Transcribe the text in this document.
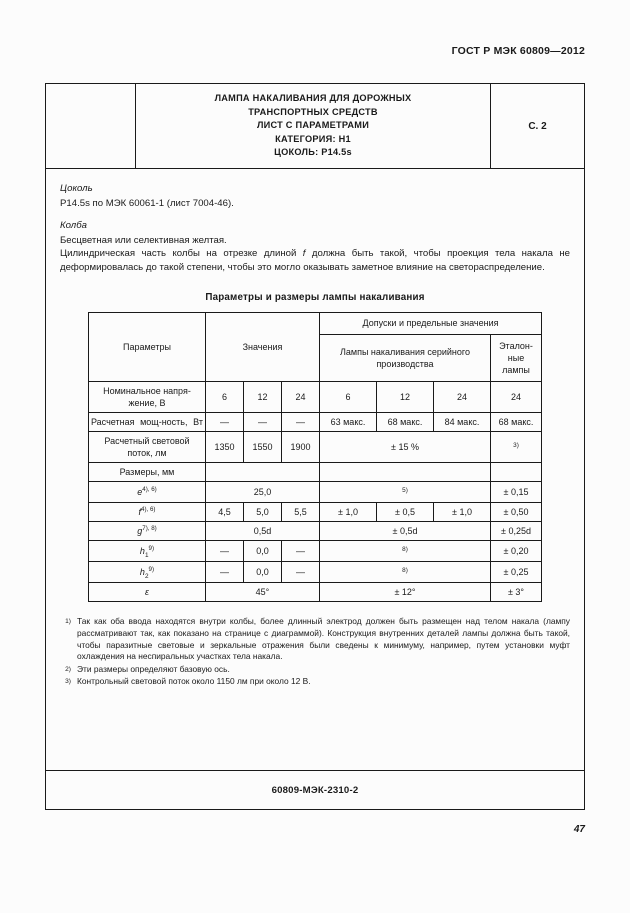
ГОСТ Р МЭК 60809—2012
ЛАМПА НАКАЛИВАНИЯ ДЛЯ ДОРОЖНЫХ
ТРАНСПОРТНЫХ СРЕДСТВ
ЛИСТ С ПАРАМЕТРАМИ
КАТЕГОРИЯ: H1
ЦОКОЛЬ: P14.5s
С. 2
Цоколь
P14.5s по МЭК 60061-1 (лист 7004-46).
Колба
Бесцветная или селективная желтая.
Цилиндрическая часть колбы на отрезке длиной f должна быть такой, чтобы проекция тела накала не деформировалась до такой степени, чтобы это могло оказывать заметное влияние на светораспределение.
Параметры и размеры лампы накаливания
Параметры	Значения			Допуски и предельные значения			
				Лампы накаливания серийного производства			Эталон-ные лампы
Номинальное напря-жение, В	6	12	24	6	12	24	24
Расчетная мощ-ность, Вт	—	—	—	63 макс.	68 макс.	84 макс.	68 макс.
Расчетный световой поток, лм	1350	1550	1900	± 15 %			$^{3)}$
Размеры, мм							
$e^{4), 6)}$	25,0			$^{5)}$			± 0,15
$f^{4), 6)}$	4,5	5,0	5,5	± 1,0	± 0,5	± 1,0	± 0,50
$g^{7), 8)}$	0,5d			± 0,5d			± 0,25d
$h_1^{9)}$	—	0,0	—	$^{8)}$			± 0,20
$h_2^{9)}$	—	0,0	—	$^{8)}$			± 0,25
ε	45°			± 12°			± 3°
1) Так как оба ввода находятся внутри колбы, более длинный электрод должен быть размещен над телом накала (лампу рассматривают так, как показано на странице с диаграммой). Конструкция внутренних деталей лампы должна быть такой, чтобы паразитные световые и зеркальные отражения были сведены к минимуму, например, путем установки муфт охлаждения на неспиральных участках тела накала.
2) Эти размеры определяют базовую ось.
3) Контрольный световой поток около 1150 лм при около 12 В.
60809-МЭК-2310-2
47
